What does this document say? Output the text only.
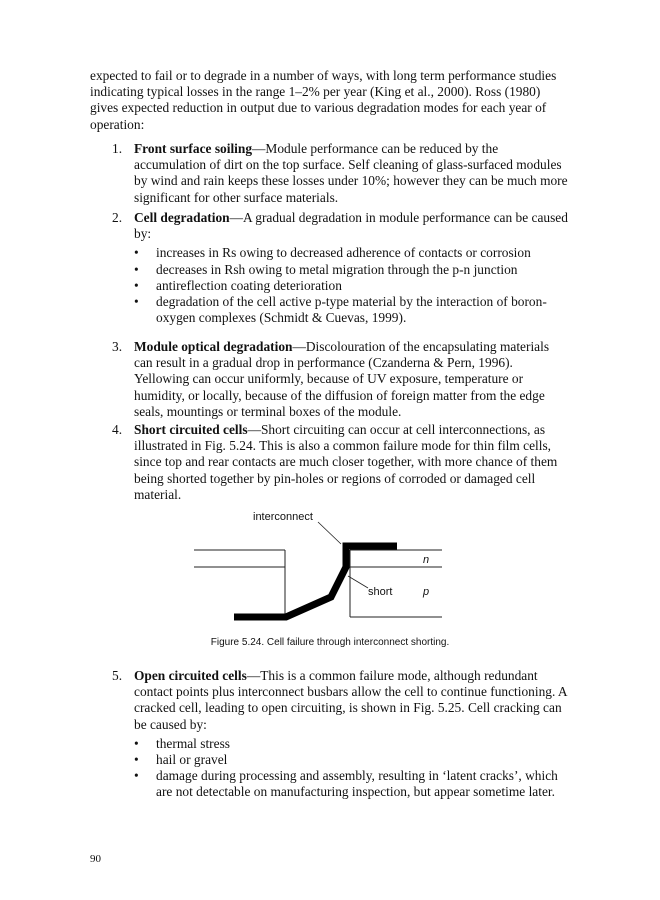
expected to fail or to degrade in a number of ways, with long term performance studies indicating typical losses in the range 1–2% per year (King et al., 2000). Ross (1980) gives expected reduction in output due to various degradation modes for each year of operation:

1. Front surface soiling—Module performance can be reduced by the accumulation of dirt on the top surface. Self cleaning of glass-surfaced modules by wind and rain keeps these losses under 10%; however they can be much more significant for other surface materials.
2. Cell degradation—A gradual degradation in module performance can be caused by:
• increases in Rs owing to decreased adherence of contacts or corrosion
• decreases in Rsh owing to metal migration through the p-n junction
• antireflection coating deterioration
• degradation of the cell active p-type material by the interaction of boron-oxygen complexes (Schmidt & Cuevas, 1999).
3. Module optical degradation—Discolouration of the encapsulating materials can result in a gradual drop in performance (Czanderna & Pern, 1996). Yellowing can occur uniformly, because of UV exposure, temperature or humidity, or locally, because of the diffusion of foreign matter from the edge seals, mountings or terminal boxes of the module.
4. Short circuited cells—Short circuiting can occur at cell interconnections, as illustrated in Fig. 5.24. This is also a common failure mode for thin film cells, since top and rear contacts are much closer together, with more chance of them being shorted together by pin-holes or regions of corroded or damaged cell material.
interconnect
n
short	p
Figure 5.24. Cell failure through interconnect shorting.
5. Open circuited cells—This is a common failure mode, although redundant contact points plus interconnect busbars allow the cell to continue functioning. A cracked cell, leading to open circuiting, is shown in Fig. 5.25. Cell cracking can be caused by:
• thermal stress
• hail or gravel
• damage during processing and assembly, resulting in ‘latent cracks’, which are not detectable on manufacturing inspection, but appear sometime later.
90
